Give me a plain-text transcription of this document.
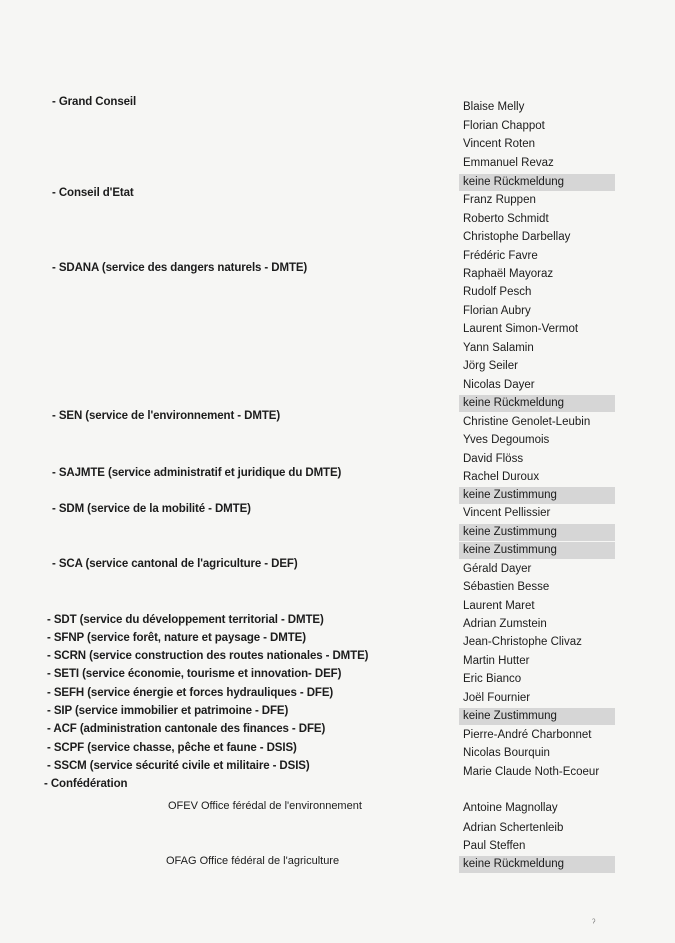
- Grand Conseil
- Conseil d'Etat
- SDANA (service des dangers naturels - DMTE)
- SEN (service de l'environnement - DMTE)
- SAJMTE (service administratif et juridique du DMTE)
- SDM (service de la mobilité - DMTE)
- SCA (service cantonal de l'agriculture - DEF)
- SDT (service du développement territorial - DMTE)
- SFNP (service forêt, nature et paysage - DMTE)
- SCRN (service construction des routes nationales - DMTE)
- SETI (service économie, tourisme et innovation- DEF)
- SEFH (service énergie et forces hydrauliques - DFE)
- SIP (service immobilier et patrimoine - DFE)
- ACF (administration cantonale des finances - DFE)
- SCPF (service chasse, pêche et faune - DSIS)
- SSCM (service sécurité civile et militaire - DSIS)
- Confédération
OFEV Office férédal de l'environnement
OFAG Office fédéral de l'agriculture
Blaise Melly
Florian Chappot
Vincent Roten
Emmanuel Revaz
keine Rückmeldung
Franz Ruppen
Roberto Schmidt
Christophe Darbellay
Frédéric Favre
Raphaël Mayoraz
Rudolf Pesch
Florian Aubry
Laurent Simon-Vermot
Yann Salamin
Jörg Seiler
Nicolas Dayer
keine Rückmeldung
Christine Genolet-Leubin
Yves Degoumois
David Flöss
Rachel Duroux
keine Zustimmung
Vincent Pellissier
keine Zustimmung
keine Zustimmung
Gérald Dayer
Sébastien Besse
Laurent Maret
Adrian Zumstein
Jean-Christophe Clivaz
Martin Hutter
Eric Bianco
Joël Fournier
keine Zustimmung
Pierre-André Charbonnet
Nicolas Bourquin
Marie Claude Noth-Ecoeur
Antoine Magnollay
Adrian Schertenleib
Paul Steffen
keine Rückmeldung
ˀ
